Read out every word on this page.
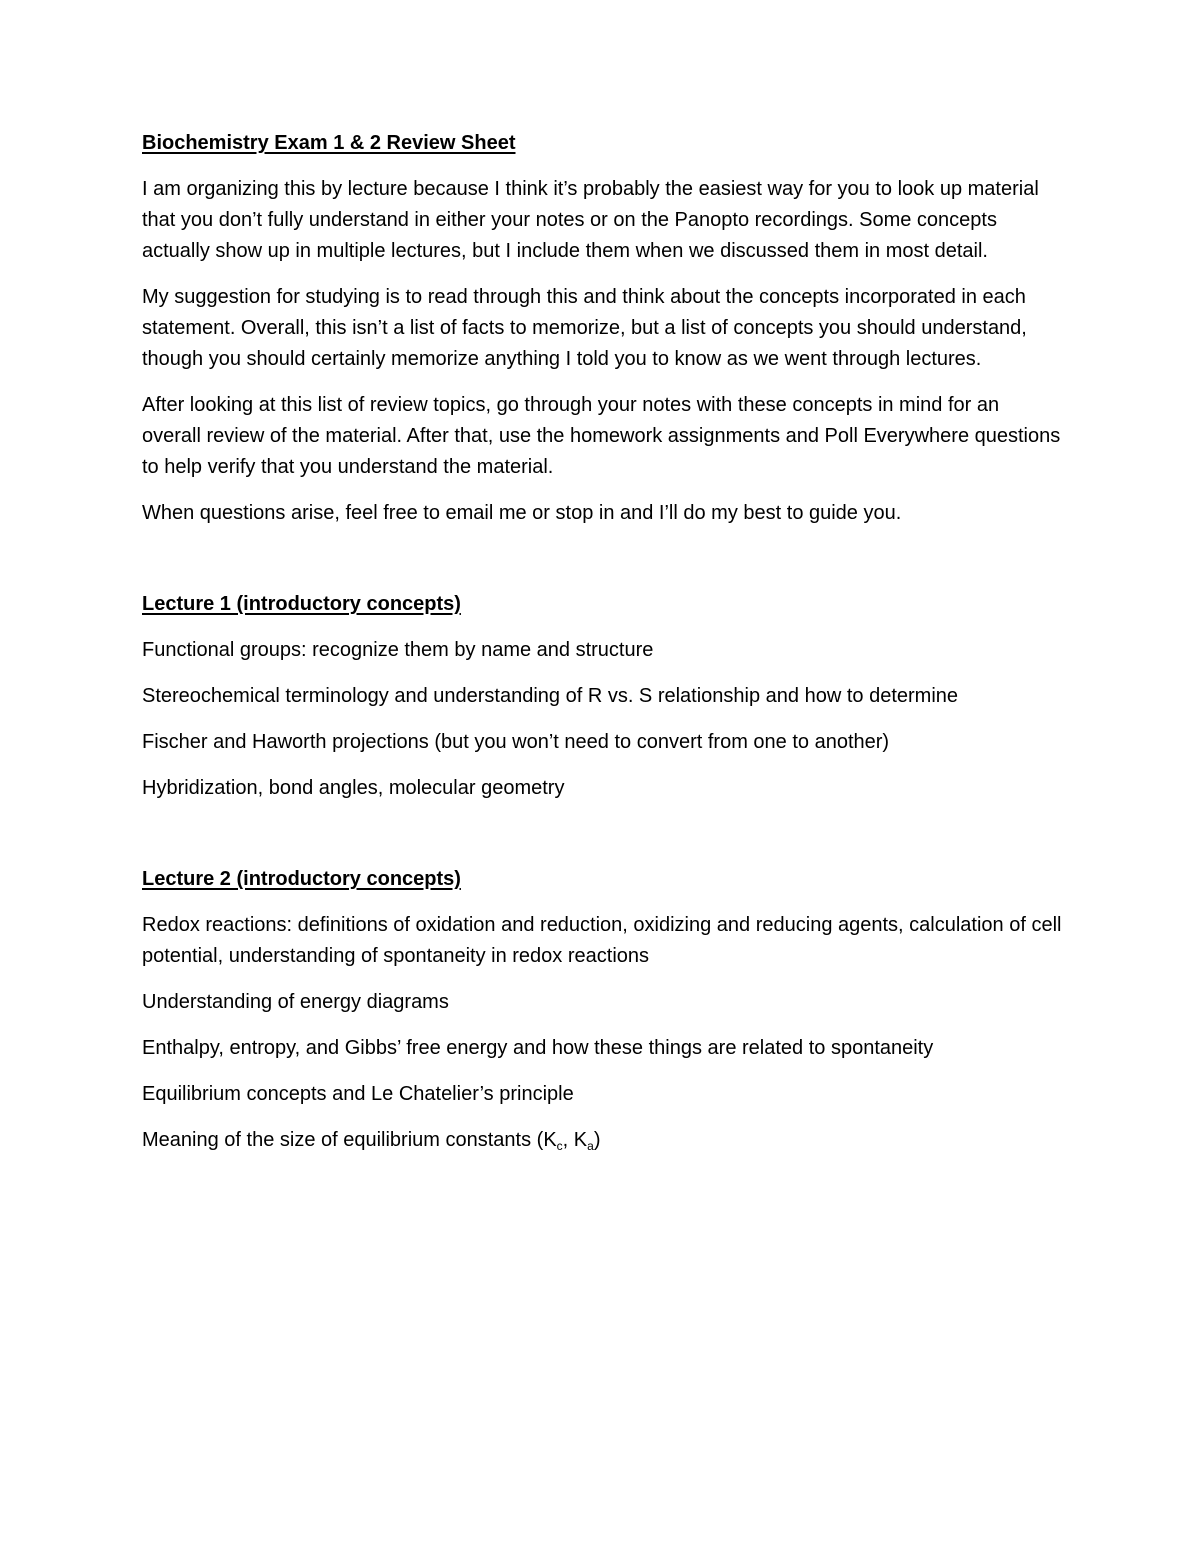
Biochemistry Exam 1 & 2 Review Sheet

I am organizing this by lecture because I think it’s probably the easiest way for you to look up material that you don’t fully understand in either your notes or on the Panopto recordings. Some concepts actually show up in multiple lectures, but I include them when we discussed them in most detail.

My suggestion for studying is to read through this and think about the concepts incorporated in each statement. Overall, this isn’t a list of facts to memorize, but a list of concepts you should understand, though you should certainly memorize anything I told you to know as we went through lectures.

After looking at this list of review topics, go through your notes with these concepts in mind for an overall review of the material. After that, use the homework assignments and Poll Everywhere questions to help verify that you understand the material.

When questions arise, feel free to email me or stop in and I’ll do my best to guide you.

Lecture 1 (introductory concepts)

Functional groups: recognize them by name and structure

Stereochemical terminology and understanding of R vs. S relationship and how to determine

Fischer and Haworth projections (but you won’t need to convert from one to another)

Hybridization, bond angles, molecular geometry

Lecture 2 (introductory concepts)

Redox reactions: definitions of oxidation and reduction, oxidizing and reducing agents, calculation of cell potential, understanding of spontaneity in redox reactions

Understanding of energy diagrams

Enthalpy, entropy, and Gibbs’ free energy and how these things are related to spontaneity

Equilibrium concepts and Le Chatelier’s principle

Meaning of the size of equilibrium constants ($K_c$, $K_a$)
